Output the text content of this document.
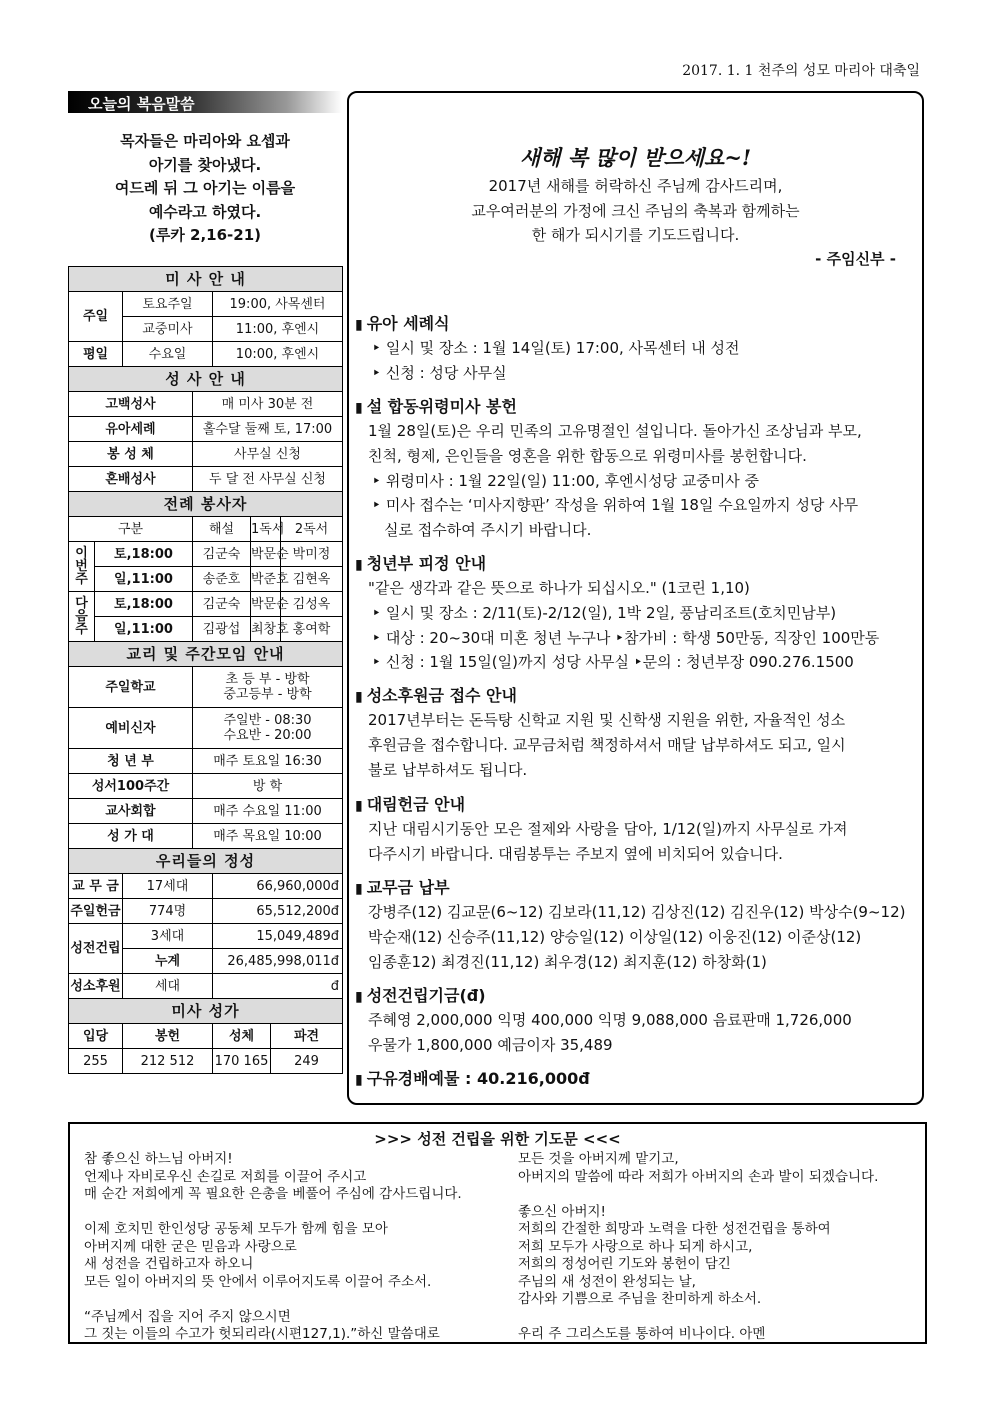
2017. 1. 1 천주의 성모 마리아 대축일
오늘의 복음말씀
목자들은 마리아와 요셉과
아기를 찾아냈다.
여드레 뒤 그 아기는 이름을
예수라고 하였다.
(루카 2,16-21)
미 사 안 내							
주일		토요주일		19:00, 사목센터			
		교중미사		11:00, 후엔시			
평일		수요일		10:00, 후엔시			
성 사 안 내							
고백성사			매 미사 30분 전				
유아세례			홀수달 둘째 토, 17:00				
봉 성 체			사무실 신청				
혼배성사			두 달 전 사무실 신청				
전례 봉사자							
구분			해설		1독서		2독서
이번주	토,18:00		김군숙		박문순		박미정
	일,11:00		송준호		박준호		김현옥
다음주	토,18:00		김군숙		박문순		김성옥
	일,11:00		김광섭		최창호		홍여학
교리 및 주간모임 안내							
주일학교			초 등 부 - 방학
중고등부 - 방학				

예비신자			주일반 - 08:30
수요반 - 20:00				

청 년 부			매주 토요일 16:30				
성서100주간			방 학				
교사회합			매주 수요일 11:00				
성 가 대			매주 목요일 10:00				
우리들의 정성							
교 무 금		17세대		66,960,000đ			
주일헌금		774명		65,512,200đ			
성전건립		3세대		15,049,489đ			
		누계		26,485,998,011đ			
성소후원		세대		đ			
미사 성가							
입당		봉헌		성체		파견	
255		212 512		170 165		249	
새해 복 많이 받으세요~!
2017년 새해를 허락하신 주님께 감사드리며,
교우여러분의 가정에 크신 주님의 축복과 함께하는
한 해가 되시기를 기도드립니다.
- 주임신부 -
▮ 유아 세례식
‣ 일시 및 장소 : 1월 14일(토) 17:00, 사목센터 내 성전
‣ 신청 : 성당 사무실
▮ 설 합동위령미사 봉헌
1월 28일(토)은 우리 민족의 고유명절인 설입니다. 돌아가신 조상님과 부모,
친척, 형제, 은인들을 영혼을 위한 합동으로 위령미사를 봉헌합니다.
‣ 위령미사 : 1월 22일(일) 11:00, 후엔시성당 교중미사 중
‣ 미사 접수는 ‘미사지향판’ 작성을 위하여 1월 18일 수요일까지 성당 사무
실로 접수하여 주시기 바랍니다.
▮ 청년부 피정 안내
"같은 생각과 같은 뜻으로 하나가 되십시오." (1코린 1,10)
‣ 일시 및 장소 : 2/11(토)-2/12(일), 1박 2일, 풍남리조트(호치민남부)
‣ 대상 : 20~30대 미혼 청년 누구나 ‣참가비 : 학생 50만동, 직장인 100만동
‣ 신청 : 1월 15일(일)까지 성당 사무실 ‣문의 : 청년부장 090.276.1500
▮ 성소후원금 접수 안내
2017년부터는 돈득탕 신학교 지원 및 신학생 지원을 위한, 자율적인 성소
후원금을 접수합니다. 교무금처럼 책정하셔서 매달 납부하셔도 되고, 일시
불로 납부하셔도 됩니다.
▮ 대림헌금 안내
지난 대림시기동안 모은 절제와 사랑을 담아, 1/12(일)까지 사무실로 가져
다주시기 바랍니다. 대림봉투는 주보지 옆에 비치되어 있습니다.
▮ 교무금 납부
강병주(12) 김교문(6~12) 김보라(11,12) 김상진(12) 김진우(12) 박상수(9~12)
박순재(12) 신승주(11,12) 양승일(12) 이상일(12) 이웅진(12) 이준상(12)
임종훈12) 최경진(11,12) 최우경(12) 최지훈(12) 하창화(1)
▮ 성전건립기금(đ)
주혜영 2,000,000 익명 400,000 익명 9,088,000 음료판매 1,726,000
우물가 1,800,000 예금이자 35,489
▮ 구유경배예물 : 40.216,000đ
>>> 성전 건립을 위한 기도문 <<<
참 좋으신 하느님 아버지!
언제나 자비로우신 손길로 저희를 이끌어 주시고
매 순간 저희에게 꼭 필요한 은총을 베풀어 주심에 감사드립니다.
이제 호치민 한인성당 공동체 모두가 함께 힘을 모아
아버지께 대한 굳은 믿음과 사랑으로
새 성전을 건립하고자 하오니
모든 일이 아버지의 뜻 안에서 이루어지도록 이끌어 주소서.
“주님께서 집을 지어 주지 않으시면
그 짓는 이들의 수고가 헛되리라(시편127,1).”하신 말씀대로
모든 것을 아버지께 맡기고,
아버지의 말씀에 따라 저희가 아버지의 손과 발이 되겠습니다.
좋으신 아버지!
저희의 간절한 희망과 노력을 다한 성전건립을 통하여
저희 모두가 사랑으로 하나 되게 하시고,
저희의 정성어린 기도와 봉헌이 담긴
주님의 새 성전이 완성되는 날,
감사와 기쁨으로 주님을 찬미하게 하소서.
우리 주 그리스도를 통하여 비나이다. 아멘
